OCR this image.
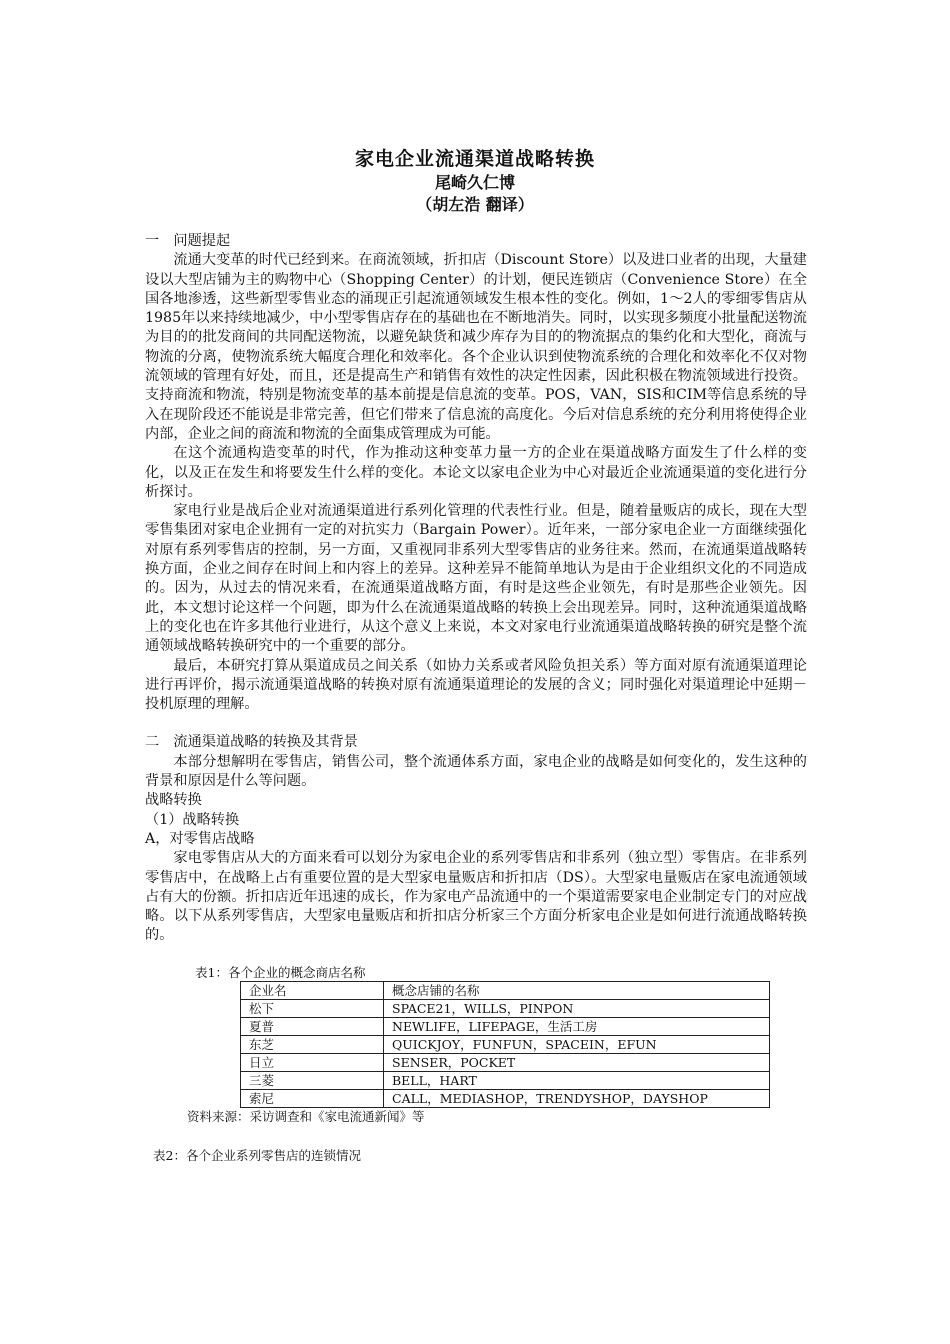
家电企业流通渠道战略转换
尾崎久仁博
（胡左浩 翻译）

一　问题提起

流通大变革的时代已经到来。在商流领域，折扣店（Discount Store）以及进口业者的出现，大量建设以大型店铺为主的购物中心（Shopping Center）的计划，便民连锁店（Convenience Store）在全国各地渗透，这些新型零售业态的涌现正引起流通领域发生根本性的变化。例如，1～2人的零细零售店从1985年以来持续地减少，中小型零售店存在的基础也在不断地消失。同时，以实现多频度小批量配送物流为目的的批发商间的共同配送物流，以避免缺货和减少库存为目的的物流据点的集约化和大型化，商流与物流的分离，使物流系统大幅度合理化和效率化。各个企业认识到使物流系统的合理化和效率化不仅对物流领域的管理有好处，而且，还是提高生产和销售有效性的决定性因素，因此积极在物流领域进行投资。支持商流和物流，特别是物流变革的基本前提是信息流的变革。POS，VAN，SIS和CIM等信息系统的导入在现阶段还不能说是非常完善，但它们带来了信息流的高度化。今后对信息系统的充分利用将使得企业内部，企业之间的商流和物流的全面集成管理成为可能。

在这个流通构造变革的时代，作为推动这种变革力量一方的企业在渠道战略方面发生了什么样的变化，以及正在发生和将要发生什么样的变化。本论文以家电企业为中心对最近企业流通渠道的变化进行分析探讨。

家电行业是战后企业对流通渠道进行系列化管理的代表性行业。但是，随着量贩店的成长，现在大型零售集团对家电企业拥有一定的对抗实力（Bargain Power）。近年来，一部分家电企业一方面继续强化对原有系列零售店的控制，另一方面，又重视同非系列大型零售店的业务往来。然而，在流通渠道战略转换方面，企业之间存在时间上和内容上的差异。这种差异不能简单地认为是由于企业组织文化的不同造成的。因为，从过去的情况来看，在流通渠道战略方面，有时是这些企业领先，有时是那些企业领先。因此，本文想讨论这样一个问题，即为什么在流通渠道战略的转换上会出现差异。同时，这种流通渠道战略上的变化也在许多其他行业进行，从这个意义上来说，本文对家电行业流通渠道战略转换的研究是整个流通领域战略转换研究中的一个重要的部分。

最后，本研究打算从渠道成员之间关系（如协力关系或者风险负担关系）等方面对原有流通渠道理论进行再评价，揭示流通渠道战略的转换对原有流通渠道理论的发展的含义；同时强化对渠道理论中延期－投机原理的理解。

二　流通渠道战略的转换及其背景

本部分想解明在零售店，销售公司，整个流通体系方面，家电企业的战略是如何变化的，发生这种的背景和原因是什么等问题。

战略转换

（1）战略转换

A，对零售店战略

家电零售店从大的方面来看可以划分为家电企业的系列零售店和非系列（独立型）零售店。在非系列零售店中，在战略上占有重要位置的是大型家电量贩店和折扣店（DS）。大型家电量贩店在家电流通领域占有大的份额。折扣店近年迅速的成长，作为家电产品流通中的一个渠道需要家电企业制定专门的对应战略。以下从系列零售店，大型家电量贩店和折扣店分析家三个方面分析家电企业是如何进行流通战略转换的。

表1：各个企业的概念商店名称
企业名	概念店铺的名称
松下	SPACE21，WILLS，PINPON
夏普	NEWLIFE，LIFEPAGE，生活工房
东芝	QUICKJOY，FUNFUN，SPACEIN，EFUN
日立	SENSER，POCKET
三菱	BELL，HART
索尼	CALL，MEDIASHOP，TRENDYSHOP，DAYSHOP
资料来源：采访调查和《家电流通新闻》等
表2：各个企业系列零售店的连锁情况
